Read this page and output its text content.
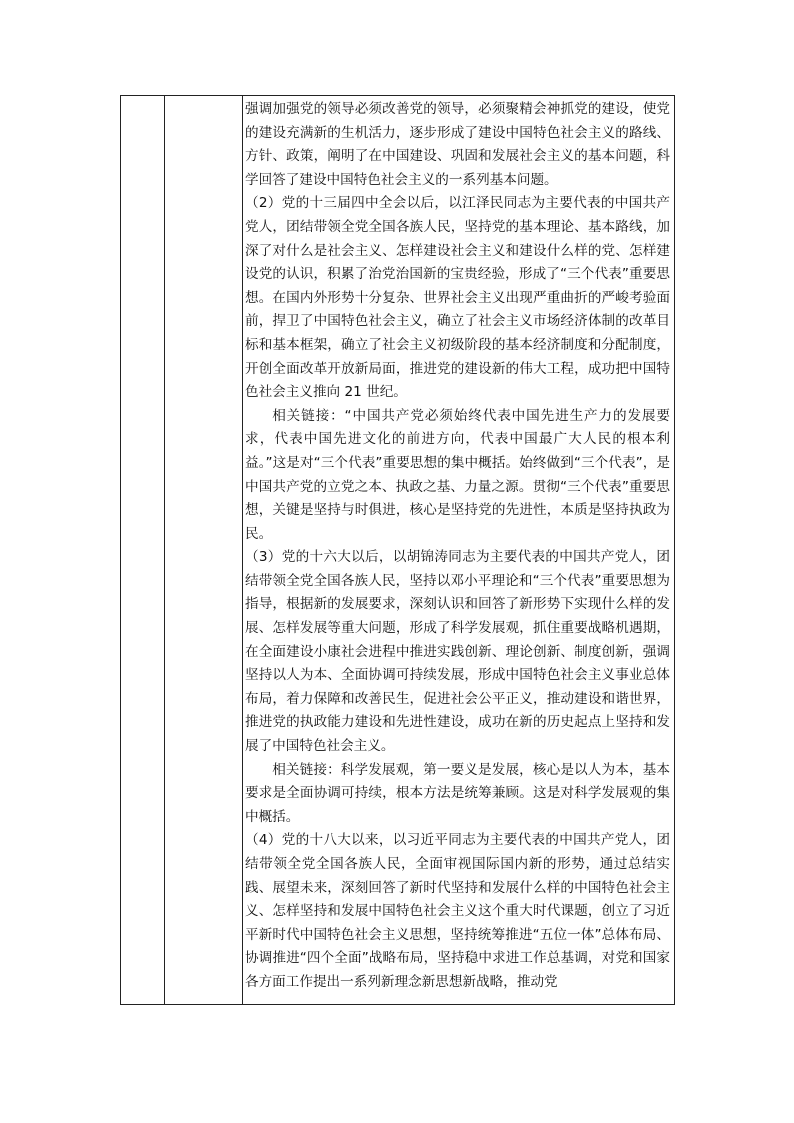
强调加强党的领导必须改善党的领导，必须聚精会神抓党的建设，使党的建设充满新的生机活力，逐步形成了建设中国特色社会主义的路线、方针、政策，阐明了在中国建设、巩固和发展社会主义的基本问题，科学回答了建设中国特色社会主义的一系列基本问题。

（2）党的十三届四中全会以后，以江泽民同志为主要代表的中国共产党人，团结带领全党全国各族人民，坚持党的基本理论、基本路线，加深了对什么是社会主义、怎样建设社会主义和建设什么样的党、怎样建设党的认识，积累了治党治国新的宝贵经验，形成了“三个代表”重要思想。在国内外形势十分复杂、世界社会主义出现严重曲折的严峻考验面前，捍卫了中国特色社会主义，确立了社会主义市场经济体制的改革目标和基本框架，确立了社会主义初级阶段的基本经济制度和分配制度，开创全面改革开放新局面，推进党的建设新的伟大工程，成功把中国特色社会主义推向 21 世纪。

相关链接：“中国共产党必须始终代表中国先进生产力的发展要求，代表中国先进文化的前进方向，代表中国最广大人民的根本利益。”这是对“三个代表”重要思想的集中概括。始终做到“三个代表”，是中国共产党的立党之本、执政之基、力量之源。贯彻“三个代表”重要思想，关键是坚持与时俱进，核心是坚持党的先进性，本质是坚持执政为民。

（3）党的十六大以后，以胡锦涛同志为主要代表的中国共产党人，团结带领全党全国各族人民，坚持以邓小平理论和“三个代表”重要思想为指导，根据新的发展要求，深刻认识和回答了新形势下实现什么样的发展、怎样发展等重大问题，形成了科学发展观，抓住重要战略机遇期，在全面建设小康社会进程中推进实践创新、理论创新、制度创新，强调坚持以人为本、全面协调可持续发展，形成中国特色社会主义事业总体布局，着力保障和改善民生，促进社会公平正义，推动建设和谐世界，推进党的执政能力建设和先进性建设，成功在新的历史起点上坚持和发展了中国特色社会主义。

相关链接：科学发展观，第一要义是发展，核心是以人为本，基本要求是全面协调可持续，根本方法是统筹兼顾。这是对科学发展观的集中概括。

（4）党的十八大以来，以习近平同志为主要代表的中国共产党人，团结带领全党全国各族人民，全面审视国际国内新的形势，通过总结实践、展望未来，深刻回答了新时代坚持和发展什么样的中国特色社会主义、怎样坚持和发展中国特色社会主义这个重大时代课题，创立了习近平新时代中国特色社会主义思想，坚持统筹推进“五位一体”总体布局、协调推进“四个全面”战略布局，坚持稳中求进工作总基调，对党和国家各方面工作提出一系列新理念新思想新战略，推动党
